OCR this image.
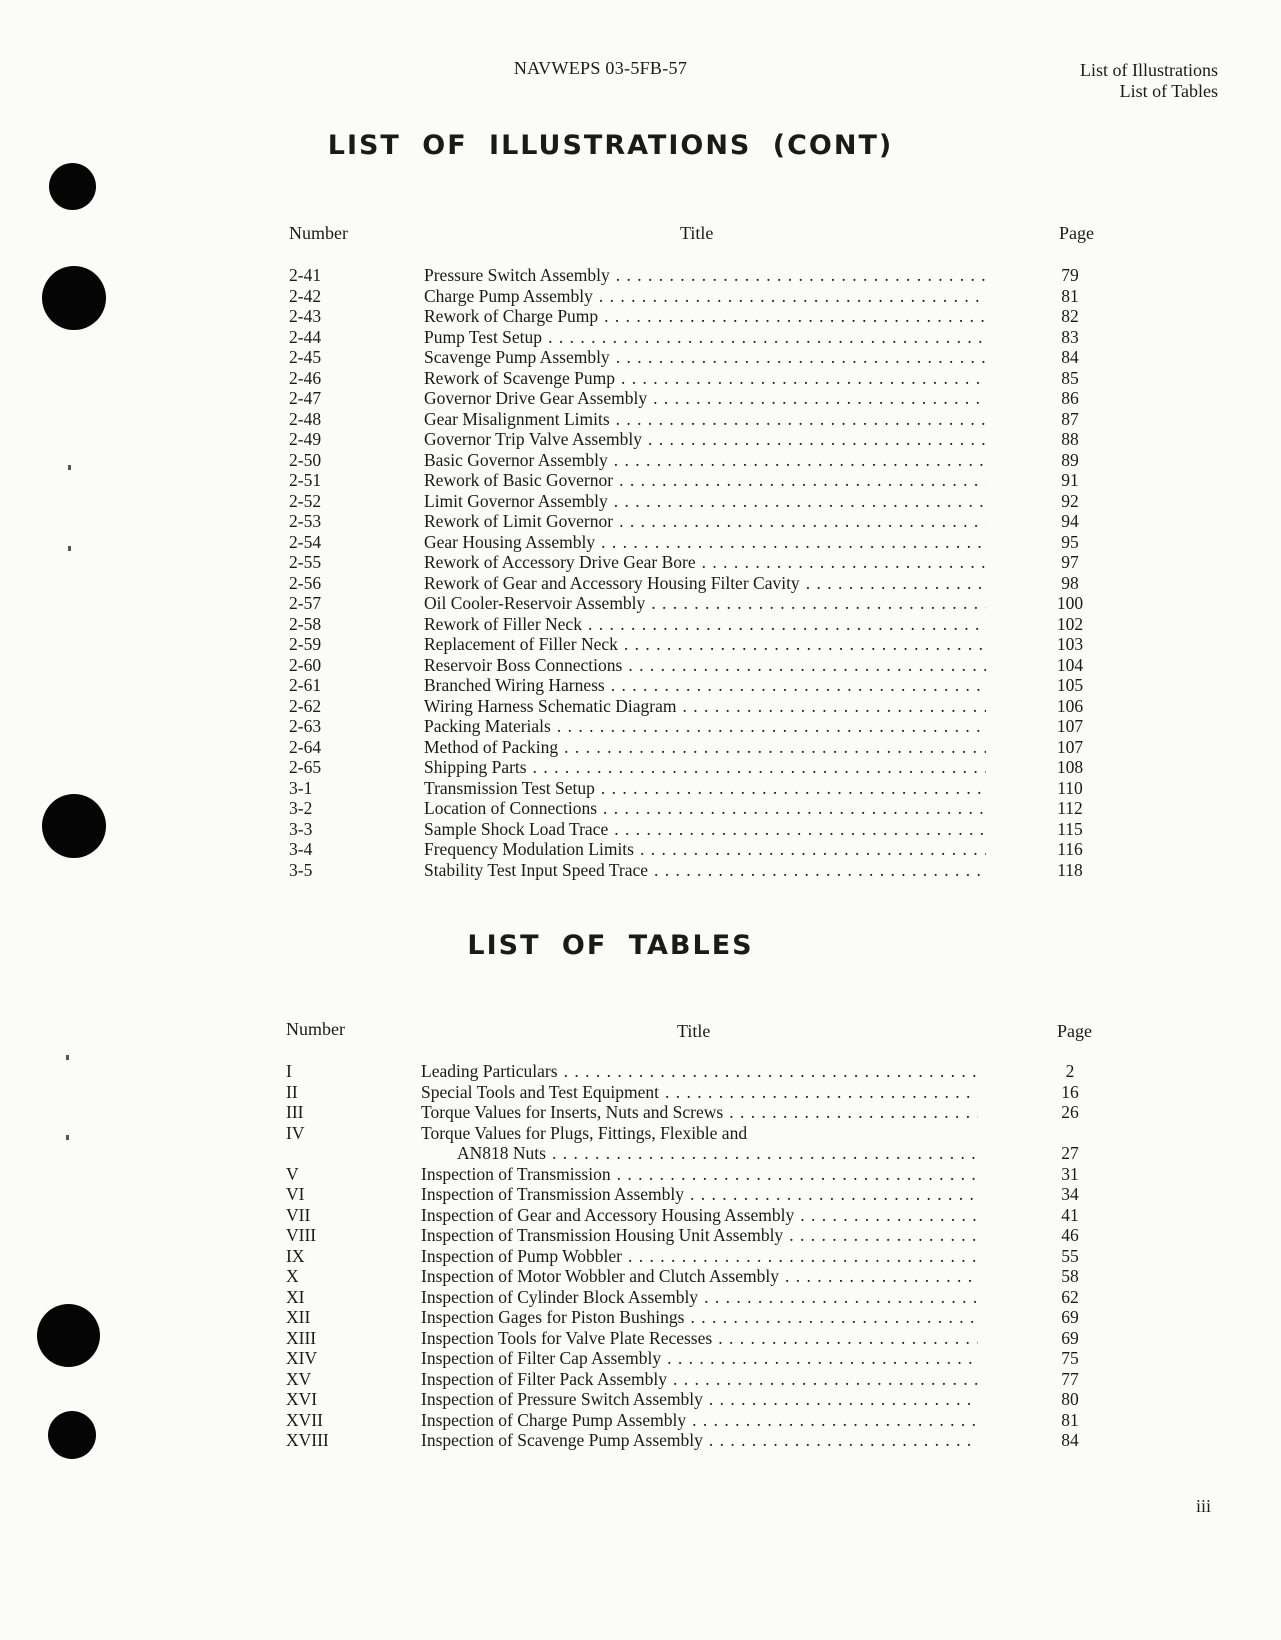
NAVWEPS 03-5FB-57	List of Illustrations
List of Tables
LIST OF ILLUSTRATIONS (CONT)
Number	Title	Page
2-41	Pressure Switch Assembly . . .	79
2-42	Charge Pump Assembly . . .	81
2-43	Rework of Charge Pump . . .	82
2-44	Pump Test Setup . . .	83
2-45	Scavenge Pump Assembly . . .	84
2-46	Rework of Scavenge Pump . . .	85
2-47	Governor Drive Gear Assembly . . .	86
2-48	Gear Misalignment Limits . . .	87
2-49	Governor Trip Valve Assembly . . .	88
2-50	Basic Governor Assembly . . .	89
2-51	Rework of Basic Governor . . .	91
2-52	Limit Governor Assembly . . .	92
2-53	Rework of Limit Governor . . .	94
2-54	Gear Housing Assembly . . .	95
2-55	Rework of Accessory Drive Gear Bore . . .	97
2-56	Rework of Gear and Accessory Housing Filter Cavity . . .	98
2-57	Oil Cooler-Reservoir Assembly . . .	100
2-58	Rework of Filler Neck . . .	102
2-59	Replacement of Filler Neck . . .	103
2-60	Reservoir Boss Connections . . .	104
2-61	Branched Wiring Harness . . .	105
2-62	Wiring Harness Schematic Diagram . . .	106
2-63	Packing Materials . . .	107
2-64	Method of Packing . . .	107
2-65	Shipping Parts . . .	108
3-1	Transmission Test Setup . . .	110
3-2	Location of Connections . . .	112
3-3	Sample Shock Load Trace . . .	115
3-4	Frequency Modulation Limits . . .	116
3-5	Stability Test Input Speed Trace . . .	118
LIST OF TABLES
Number	Title	Page
I	Leading Particulars . . .	2
II	Special Tools and Test Equipment . . .	16
III	Torque Values for Inserts, Nuts and Screws . . .	26
IV	Torque Values for Plugs, Fittings, Flexible and
AN818 Nuts . . .	27
V	Inspection of Transmission . . .	31
VI	Inspection of Transmission Assembly . . .	34
VII	Inspection of Gear and Accessory Housing Assembly . . .	41
VIII	Inspection of Transmission Housing Unit Assembly . . .	46
IX	Inspection of Pump Wobbler . . .	55
X	Inspection of Motor Wobbler and Clutch Assembly . . .	58
XI	Inspection of Cylinder Block Assembly . . .	62
XII	Inspection Gages for Piston Bushings . . .	69
XIII	Inspection Tools for Valve Plate Recesses . . .	69
XIV	Inspection of Filter Cap Assembly . . .	75
XV	Inspection of Filter Pack Assembly . . .	77
XVI	Inspection of Pressure Switch Assembly . . .	80
XVII	Inspection of Charge Pump Assembly . . .	81
XVIII	Inspection of Scavenge Pump Assembly . . .	84
iii
